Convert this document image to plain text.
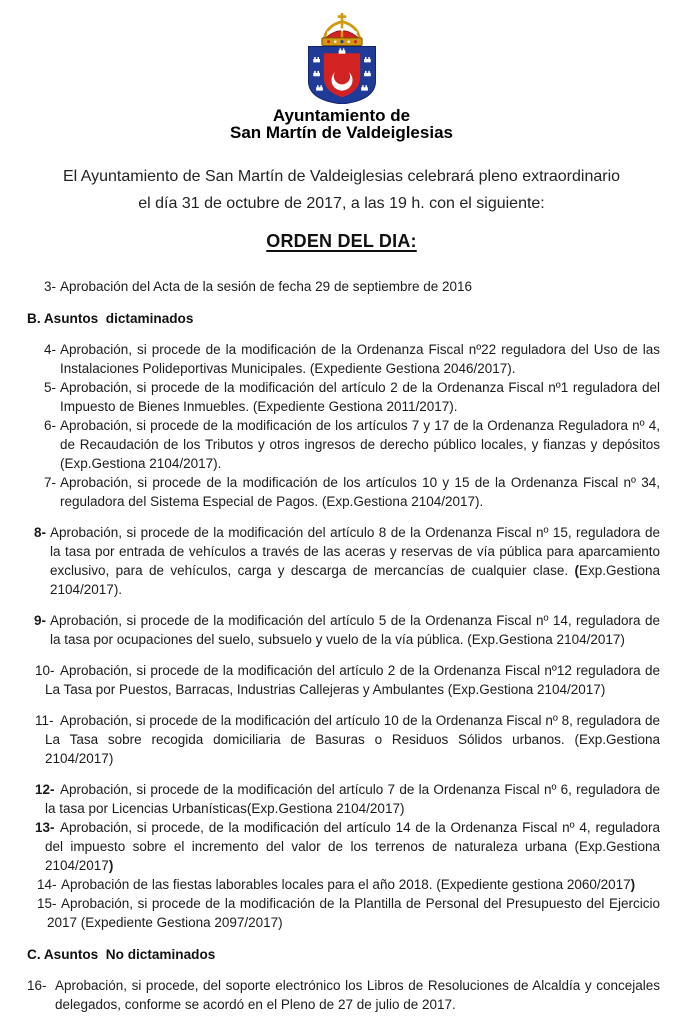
Ayuntamiento de
San Martín de Valdeiglesias

El Ayuntamiento de San Martín de Valdeiglesias celebrará pleno extraordinario
el día 31 de octubre de 2017, a las 19 h. con el siguiente:

ORDEN DEL DIA:
3- Aprobación del Acta de la sesión de fecha 29 de septiembre de 2016
B. Asuntos  dictaminados
4- Aprobación, si procede de la modificación de la Ordenanza Fiscal nº22 reguladora del Uso de las Instalaciones Polideportivas Municipales. (Expediente Gestiona 2046/2017).
5- Aprobación, si procede de la modificación del artículo 2 de la Ordenanza Fiscal nº1 reguladora del Impuesto de Bienes Inmuebles. (Expediente Gestiona 2011/2017).
6- Aprobación, si procede de la modificación de los artículos 7 y 17 de la Ordenanza Reguladora nº 4, de Recaudación de los Tributos y otros ingresos de derecho público locales, y fianzas y depósitos (Exp.Gestiona 2104/2017).
7- Aprobación, si procede de la modificación de los artículos 10 y 15 de la Ordenanza Fiscal nº 34, reguladora del Sistema Especial de Pagos. (Exp.Gestiona 2104/2017).
8- Aprobación, si procede de la modificación del artículo 8 de la Ordenanza Fiscal nº 15, reguladora de la tasa por entrada de vehículos a través de las aceras y reservas de vía pública para aparcamiento exclusivo, para de vehículos, carga y descarga de mercancías de cualquier clase. (Exp.Gestiona 2104/2017).
9- Aprobación, si procede de la modificación del artículo 5 de la Ordenanza Fiscal nº 14, reguladora de la tasa por ocupaciones del suelo, subsuelo y vuelo de la vía pública. (Exp.Gestiona 2104/2017)
10- Aprobación, si procede de la modificación del artículo 2 de la Ordenanza Fiscal nº12 reguladora de La Tasa por Puestos, Barracas, Industrias Callejeras y Ambulantes (Exp.Gestiona 2104/2017)
11- Aprobación, si procede de la modificación del artículo 10 de la Ordenanza Fiscal nº 8, reguladora de La Tasa sobre recogida domiciliaria de Basuras o Residuos Sólidos urbanos. (Exp.Gestiona 2104/2017)
12- Aprobación, si procede de la modificación del artículo 7 de la Ordenanza Fiscal nº 6, reguladora de la tasa por Licencias Urbanísticas(Exp.Gestiona 2104/2017)
13- Aprobación, si procede, de la modificación del artículo 14 de la Ordenanza Fiscal nº 4, reguladora del impuesto sobre el incremento del valor de los terrenos de naturaleza urbana (Exp.Gestiona 2104/2017)
14- Aprobación de las fiestas laborables locales para el año 2018. (Expediente gestiona 2060/2017)
15- Aprobación, si procede de la modificación de la Plantilla de Personal del Presupuesto del Ejercicio 2017 (Expediente Gestiona 2097/2017)
C. Asuntos  No dictaminados
16- Aprobación, si procede, del soporte electrónico los Libros de Resoluciones de Alcaldía y concejales delegados, conforme se acordó en el Pleno de 27 de julio de 2017.
